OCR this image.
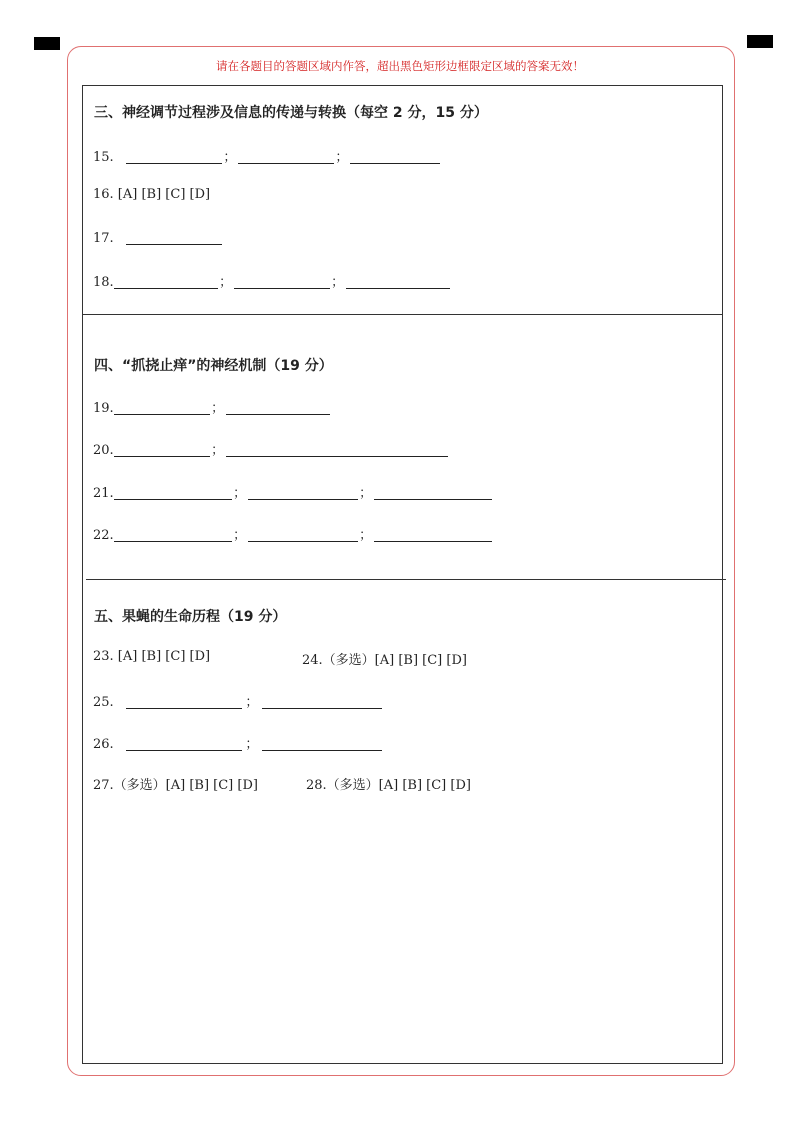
请在各题目的答题区域内作答，超出黑色矩形边框限定区域的答案无效！
三、神经调节过程涉及信息的传递与转换（每空 2 分，15 分）
15.	；	；
16. [A] [B] [C] [D]
17.
18.	；	；
四、“抓挠止痒”的神经机制（19 分）
19.	；
20.	；
21.	；	；
22.	；	；
五、果蝇的生命历程（19 分）
23. [A] [B] [C] [D]	24.（多选）[A] [B] [C] [D]
25.	；
26.	；
27.（多选）[A] [B] [C] [D]	28.（多选）[A] [B] [C] [D]
